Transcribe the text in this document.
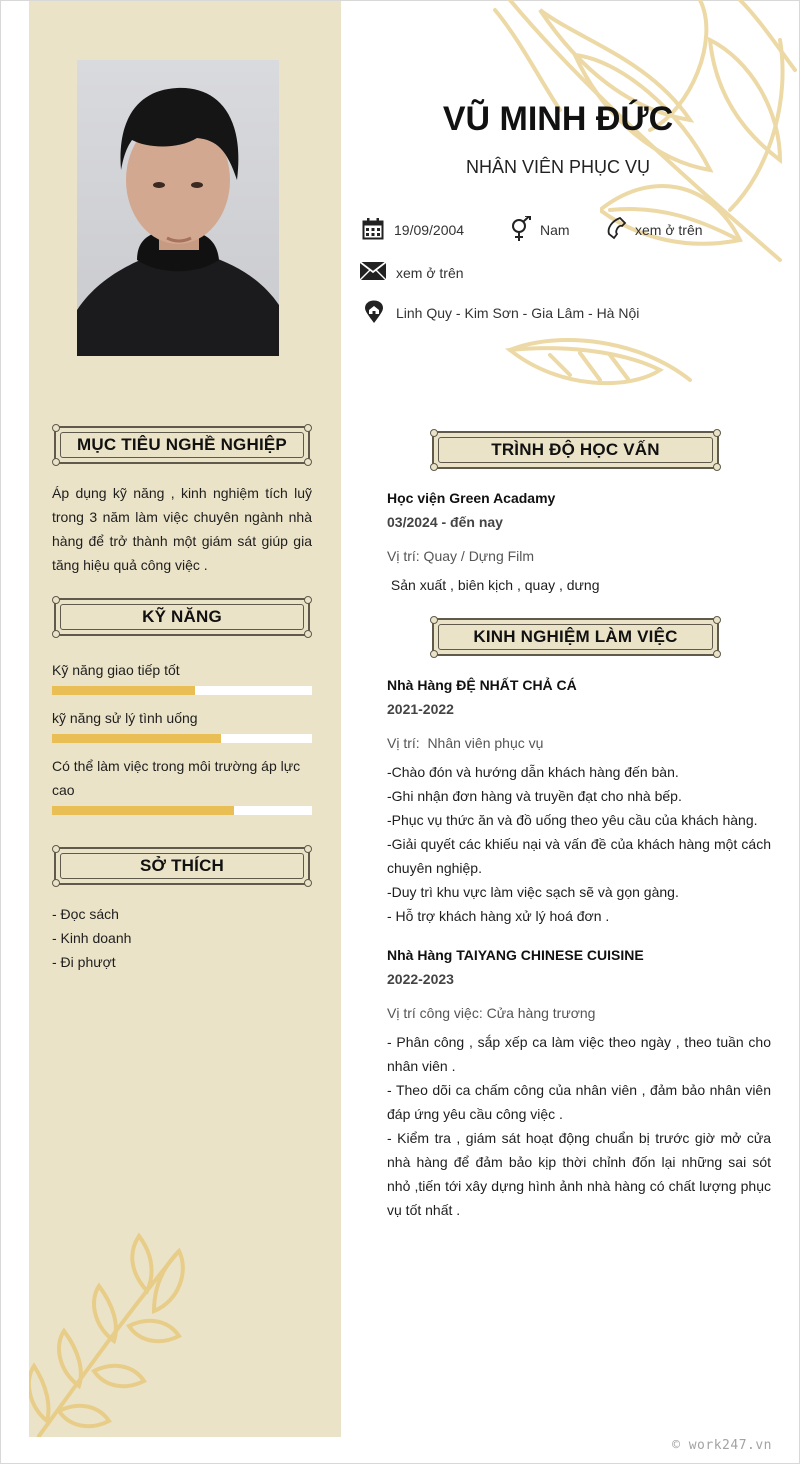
MỤC TIÊU NGHỀ NGHIỆP
Áp dụng kỹ năng , kinh nghiệm tích luỹ trong 3 năm làm việc chuyên ngành nhà hàng để trở thành một giám sát giúp gia tăng hiệu quả công việc .
KỸ NĂNG
Kỹ năng giao tiếp tốt
kỹ năng sử lý tình uống
Có thể làm việc trong môi trường áp lực cao
SỞ THÍCH
- Đọc sách
- Kinh doanh
- Đi phượt
VŨ MINH ĐỨC
NHÂN VIÊN PHỤC VỤ
19/09/2004	Nam	xem ở trên
xem ở trên
Linh Quy - Kim Sơn - Gia Lâm - Hà Nội
TRÌNH ĐỘ HỌC VẤN
Học viện Green Acadamy
03/2024 - đến nay
Vị trí: Quay / Dựng Film
Sản xuất , biên kịch , quay , dưng
KINH NGHIỆM LÀM VIỆC
Nhà Hàng ĐỆ NHẤT CHẢ CÁ
2021-2022
Vị trí:  Nhân viên phục vụ
-Chào đón và hướng dẫn khách hàng đến bàn.
-Ghi nhận đơn hàng và truyền đạt cho nhà bếp.
-Phục vụ thức ăn và đồ uống theo yêu cầu của khách hàng.
-Giải quyết các khiếu nại và vấn đề của khách hàng một cách chuyên nghiệp.
-Duy trì khu vực làm việc sạch sẽ và gọn gàng.
- Hỗ trợ khách hàng xử lý hoá đơn .
Nhà Hàng TAIYANG CHINESE CUISINE
2022-2023
Vị trí công việc: Cửa hàng trương
- Phân công , sắp xếp ca làm việc theo ngày , theo tuần cho nhân viên .
- Theo dõi ca chấm công của nhân viên , đảm bảo nhân viên đáp ứng yêu cầu công việc .
- Kiểm tra , giám sát hoạt động chuẩn bị trước giờ mở cửa nhà hàng để đảm bảo kịp thời chỉnh đốn lại những sai sót nhỏ ,tiến tới xây dựng hình ảnh nhà hàng có chất lượng phục vụ tốt nhất .
© work247.vn
